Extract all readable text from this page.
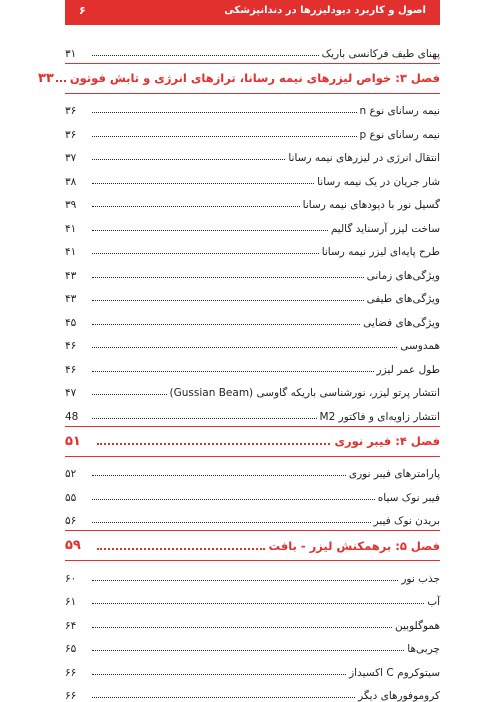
اصول و کاربرد دیودلیزرها در دندانپزشکی
۶
پهنای طیف فرکانسی باریک
۳۱
فصل ۳: خواص لیزرهای نیمه رسانا، ترازهای انرژی و تابش فوتون
۳۳
نیمه رسانای نوع n
۳۶
نیمه رسانای نوع p
۳۶
انتقال انرژی در لیزرهای نیمه رسانا
۳۷
شار جریان در یک نیمه رسانا
۳۸
گسیل نور با دیودهای نیمه رسانا
۳۹
ساخت لیزر آرسناید گالیم
۴۱
طرح پایه‌ای لیزر نیمه رسانا
۴۱
ویژگی‌های زمانی
۴۳
ویژگی‌های طیفی
۴۳
ویژگی‌های فضایی
۴۵
همدوسی
۴۶
طول عمر لیزر
۴۶
انتشار پرتو لیزر، نورشناسی باریکه گاوسی (Gussian Beam)
۴۷
انتشار زاویه‌ای و فاکتور M2
48
فصل ۴: فیبر نوری
۵۱
پارامترهای فیبر نوری
۵۲
فیبر نوک سیاه
۵۵
بریدن نوک فیبر
۵۶
فصل ۵: برهمکنش لیزر - بافت
۵۹
جذب نور
۶۰
آب
۶۱
هموگلوبین
۶۴
چربی‌ها
۶۵
سیتوکروم C اکسیداز
۶۶
کروموفورهای دیگر
۶۶
